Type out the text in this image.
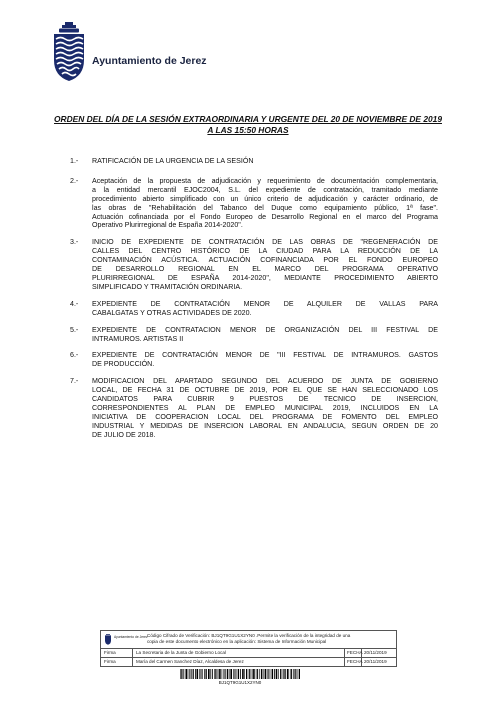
Ayuntamiento de Jerez
ORDEN DEL DÍA DE LA SESIÓN EXTRAORDINARIA Y URGENTE DEL 20 DE NOVIEMBRE DE 2019
A LAS 15:50 HORAS
1.- RATIFICACIÓN DE LA URGENCIA DE LA SESIÓN
2.- Aceptación de la propuesta de adjudicación y requerimiento de documentación complementaria,
a la entidad mercantil EJOC2004, S.L. del expediente de contratación, tramitado mediante
procedimiento abierto simplificado con un único criterio de adjudicación y carácter ordinario, de
las obras de "Rehabilitación del Tabanco del Duque como equipamiento público, 1ª fase".
Actuación cofinanciada por el Fondo Europeo de Desarrollo Regional en el marco del Programa
Operativo Plurirregional de España 2014-2020".
3.- INICIO DE EXPEDIENTE DE CONTRATACIÓN DE LAS OBRAS DE "REGENERACIÓN DE
CALLES DEL CENTRO HISTÓRICO DE LA CIUDAD PARA LA REDUCCIÓN DE LA
CONTAMINACIÓN ACÚSTICA. ACTUACIÓN COFINANCIADA POR EL FONDO EUROPEO
DE DESARROLLO REGIONAL EN EL MARCO DEL PROGRAMA OPERATIVO
PLURIRREGIONAL DE ESPAÑA 2014-2020", MEDIANTE PROCEDIMIENTO ABIERTO
SIMPLIFICADO Y TRAMITACIÓN ORDINARIA.
4.- EXPEDIENTE DE CONTRATACIÓN MENOR DE ALQUILER DE VALLAS PARA
CABALGATAS Y OTRAS ACTIVIDADES DE 2020.
5.- EXPEDIENTE DE CONTRATACION MENOR DE ORGANIZACIÓN DEL III FESTIVAL DE
INTRAMUROS. ARTISTAS II
6.- EXPEDIENTE DE CONTRATACIÓN MENOR DE "III FESTIVAL DE INTRAMUROS. GASTOS
DE PRODUCCIÓN.
7.- MODIFICACION DEL APARTADO SEGUNDO DEL ACUERDO DE JUNTA DE GOBIERNO
LOCAL, DE FECHA 31 DE OCTUBRE DE 2019, POR EL QUE SE HAN SELECCIONADO LOS
CANDIDATOS PARA CUBRIR 9 PUESTOS DE TECNICO DE INSERCION,
CORRESPONDIENTES AL PLAN DE EMPLEO MUNICIPAL 2019, INCLUIDOS EN LA
INICIATIVA DE COOPERACION LOCAL DEL PROGRAMA DE FOMENTO DEL EMPLEO
INDUSTRIAL Y MEDIDAS DE INSERCION LABORAL EN ANDALUCIA, SEGUN ORDEN DE 20
DE JULIO DE 2018.
Ayuntamiento de Jerez Código Cifrado de Verificación: BJ1QT9G1U1X2YN0 .Permite la verificación de la integridad de una
copia de este documento electrónico en la aplicación: Sistema de Información Municipal
Firma	La Secretaria de la Junta de Gobierno Local	FECHA 20/11/2019
Firma	María del Carmen Sanchez Díaz, Alcaldesa de Jerez	FECHA 20/11/2019
BJ1QT9G1U1X2YN0
